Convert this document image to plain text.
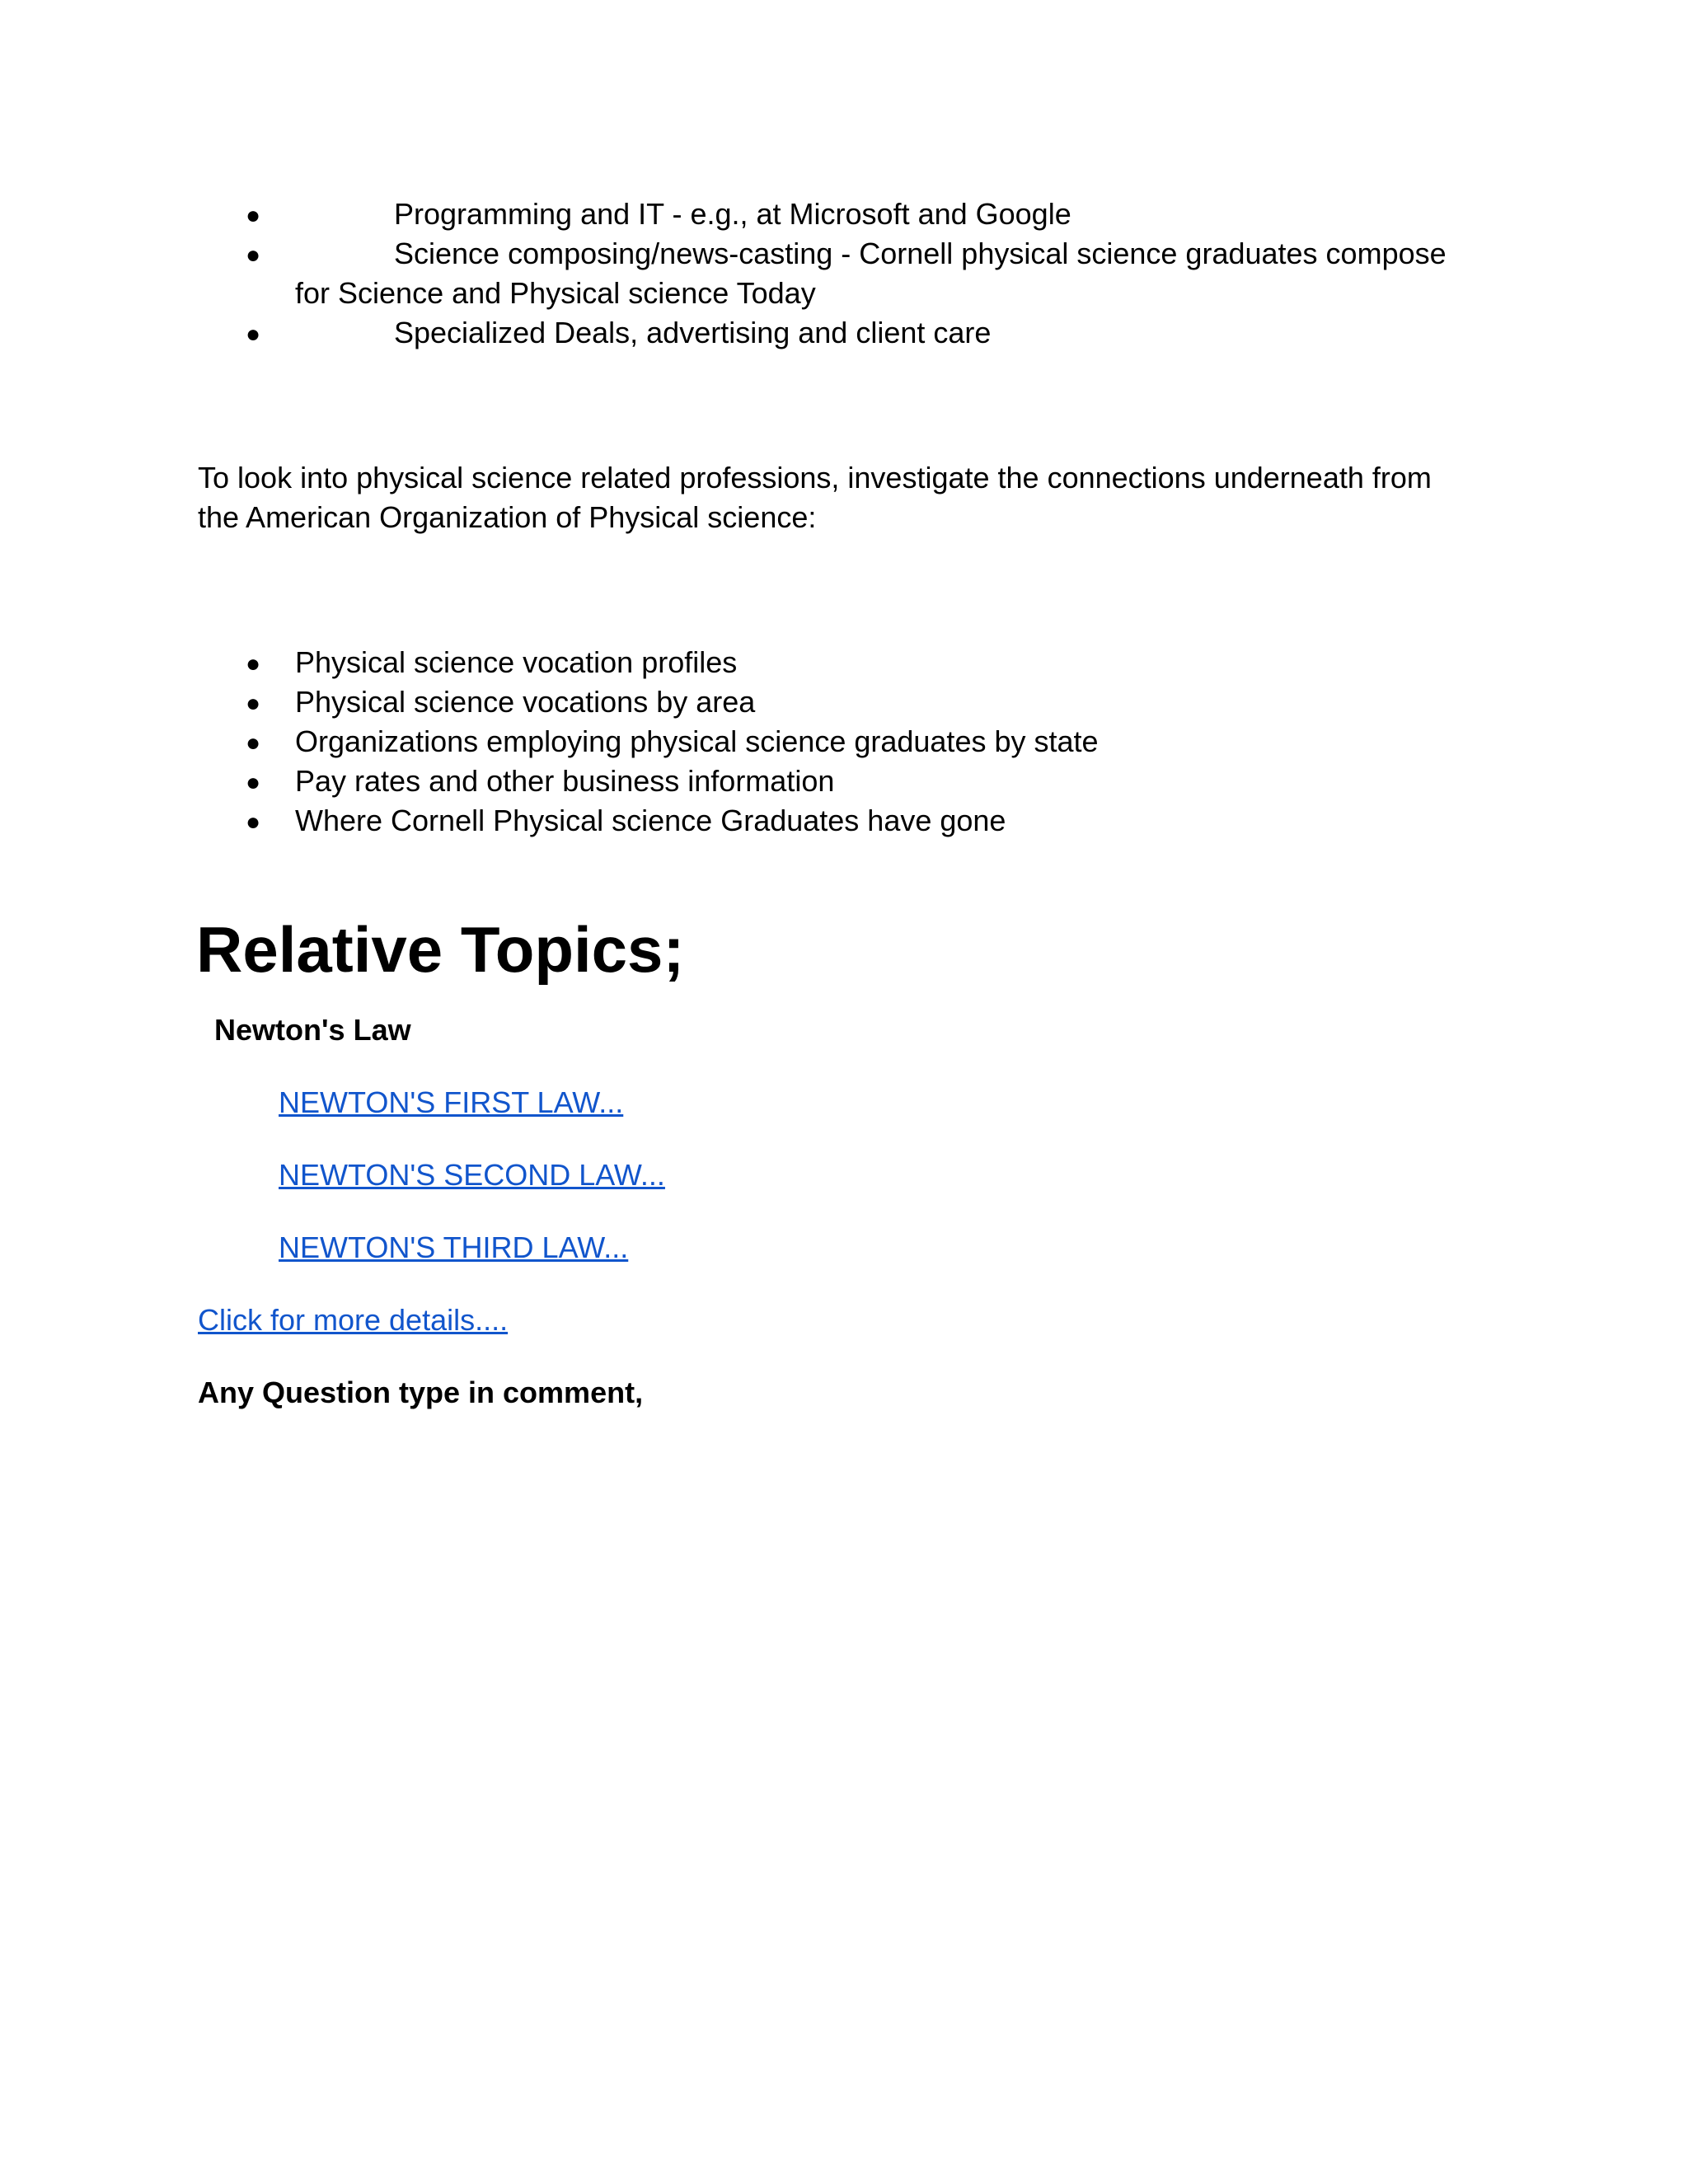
●	Programming and IT - e.g., at Microsoft and Google
●	Science composing/news-casting - Cornell physical science graduates compose
for Science and Physical science Today
●	Specialized Deals, advertising and client care
To look into physical science related professions, investigate the connections underneath from
the American Organization of Physical science:
● Physical science vocation profiles
● Physical science vocations by area
● Organizations employing physical science graduates by state
● Pay rates and other business information
● Where Cornell Physical science Graduates have gone
Relative Topics;
Newton's Law
NEWTON'S FIRST LAW...
NEWTON'S SECOND LAW...
NEWTON'S THIRD LAW...
Click for more details....
Any Question type in comment,
